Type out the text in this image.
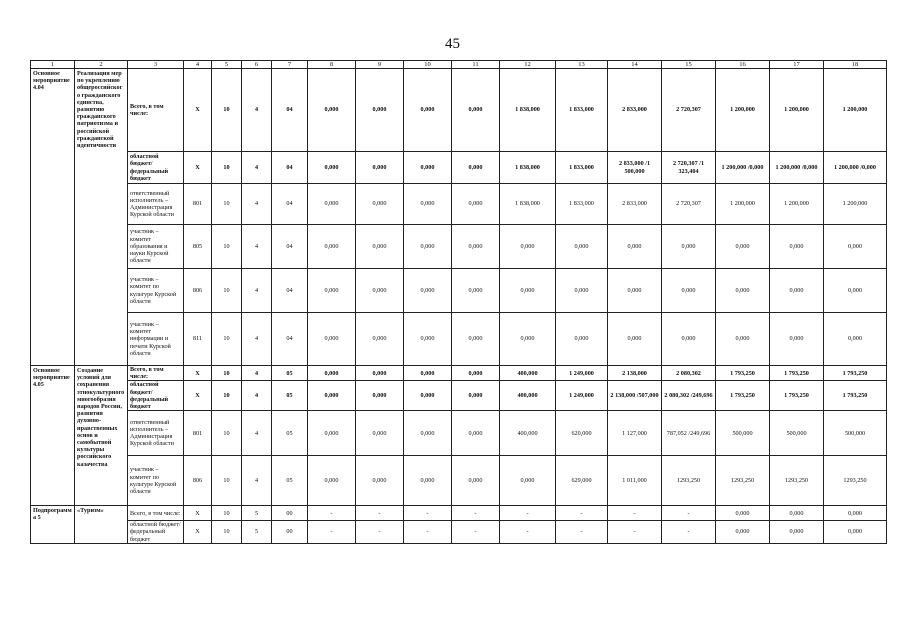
45
1	2	3	4	5	6	7	8	9	10	11	12	13	14	15	16	17	18
Основное мероприятие 4.04	Реализация мер по укреплению общероссийского гражданского единства, развитию гражданского патриотизма и российской гражданской идентичности	Всего, в том числе:	Х	10	4	04	0,000	0,000	0,000	0,000	1 838,000	1 833,000	2 833,000	2 720,307	1 200,000	1 200,000	1 200,000
		областной бюджет/ федеральный бюджет	Х	10	4	04	0,000	0,000	0,000	0,000	1 838,000	1 833,000	2 833,000 /1 500,000	2 720,307 /1 323,404	1 200,000 /0,000	1 200,000 /0,000	1 200,000 /0,000
		ответственный исполнитель – Администрация Курской области	801	10	4	04	0,000	0,000	0,000	0,000	1 838,000	1 833,000	2 833,000	2 720,307	1 200,000	1 200,000	1 200,000
		участник – комитет образования и науки Курской области	805	10	4	04	0,000	0,000	0,000	0,000	0,000	0,000	0,000	0,000	0,000	0,000	0,000
		участник – комитет по культуре Курской области	806	10	4	04	0,000	0,000	0,000	0,000	0,000	0,000	0,000	0,000	0,000	0,000	0,000
		участник – комитет информации и печати Курской области	811	10	4	04	0,000	0,000	0,000	0,000	0,000	0,000	0,000	0,000	0,000	0,000	0,000
Основное мероприятие 4.05	Создание условий для сохранения этнокультурного многообразия народов России, развития духовно-нравственных основ и самобытной культуры российского казачества	Всего, в том числе:	Х	10	4	05	0,000	0,000	0,000	0,000	400,000	1 249,000	2 138,000	2 080,302	1 793,250	1 793,250	1 793,250
		областной бюджет/ федеральный бюджет	Х	10	4	05	0,000	0,000	0,000	0,000	400,000	1 249,000	2 138,000 /507,000	2 080,302 /249,696	1 793,250	1 793,250	1 793,250
		ответственный исполнитель – Администрация Курской области	801	10	4	05	0,000	0,000	0,000	0,000	400,000	620,000	1 127,000	787,052 /249,696	500,000	500,000	500,000
		участник – комитет по культуре Курской области	806	10	4	05	0,000	0,000	0,000	0,000	0,000	629,000	1 011,000	1293,250	1293,250	1293,250	1293,250
Подпрограмма 5	«Туризм»	Всего, в том числе:	Х	10	5	00	-	-	-	-	-	-	-	-	0,000	0,000	0,000
		областной бюджет/ федеральный бюджет	Х	10	5	00	-	-	-	-	-	-	-	-	0,000	0,000	0,000
